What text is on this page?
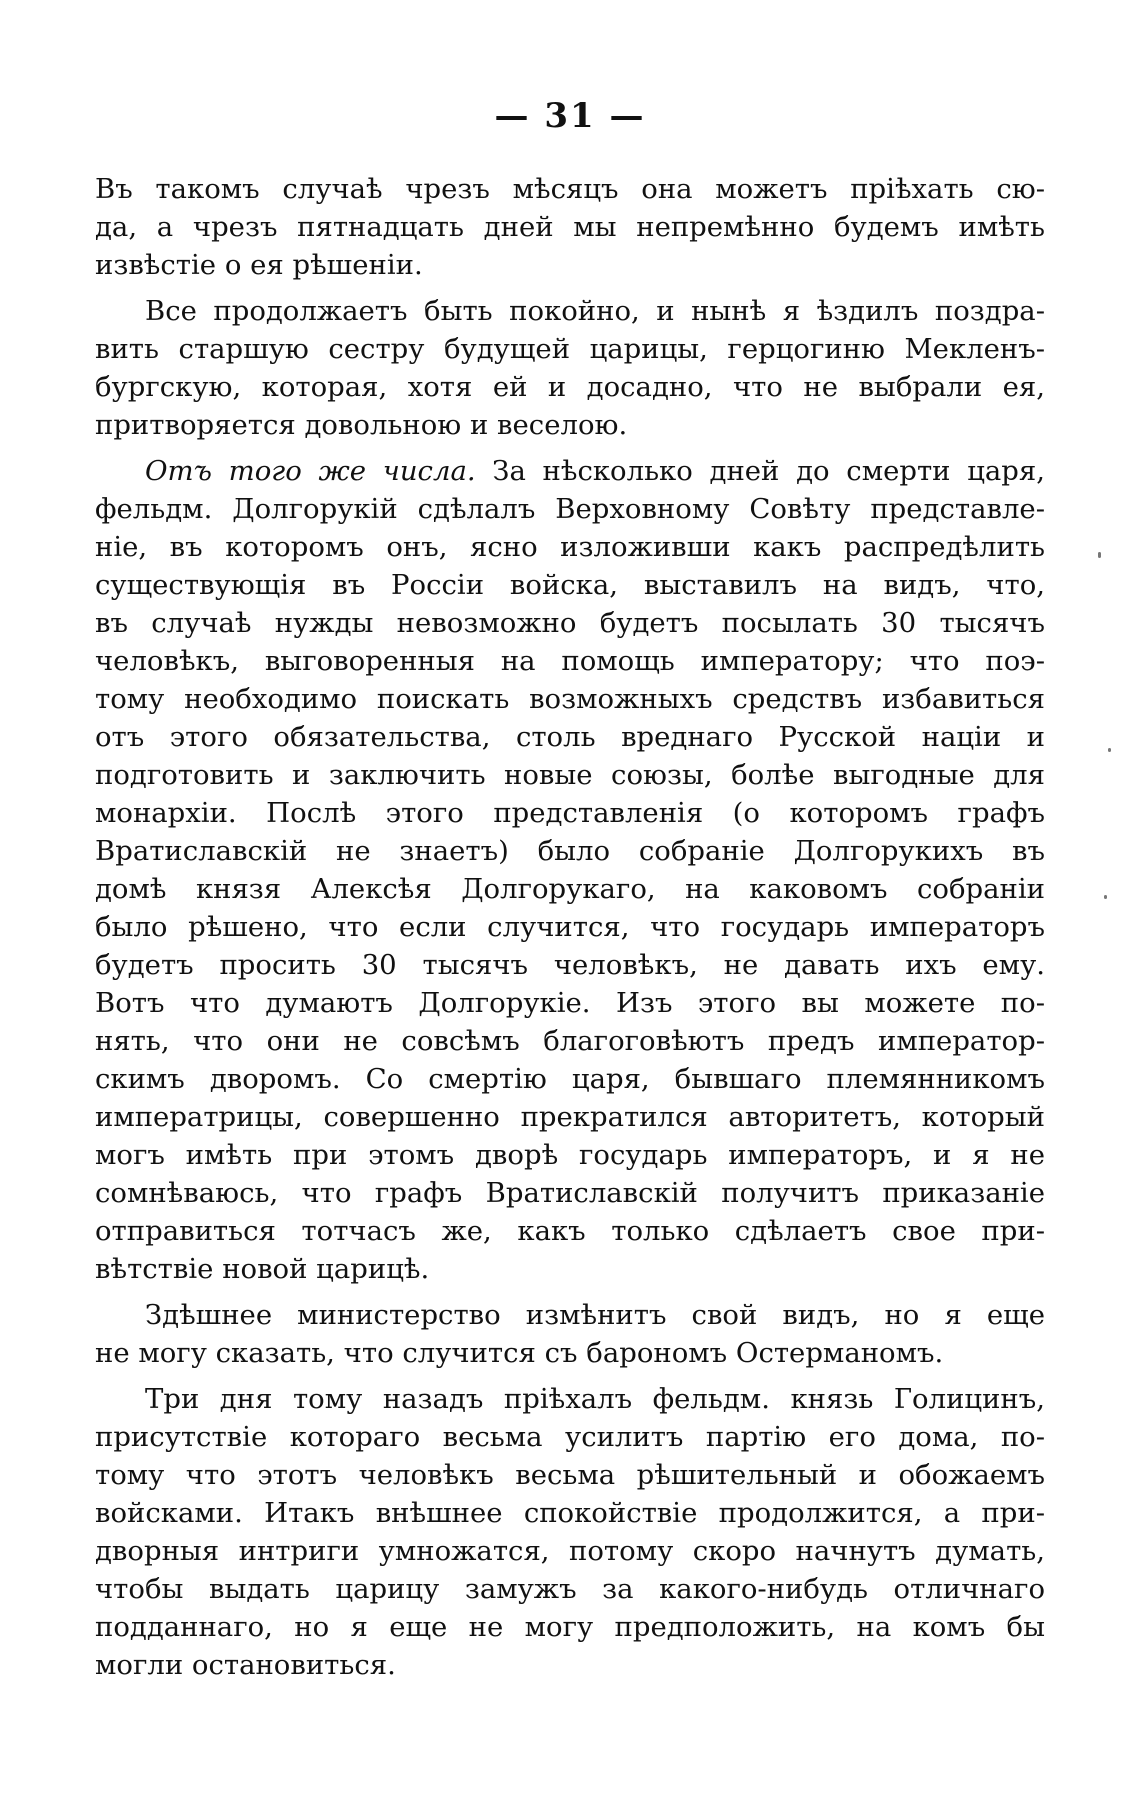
— 31 —
Въ такомъ случаѣ чрезъ мѣсяцъ она можетъ пріѣхать сю-
да, а чрезъ пятнадцать дней мы непремѣнно будемъ имѣть
извѣстіе о ея рѣшеніи.
Все продолжаетъ быть покойно, и нынѣ я ѣздилъ поздра-
вить старшую сестру будущей царицы, герцогиню Мекленъ-
бургскую, которая, хотя ей и досадно, что не выбрали ея,
притворяется довольною и веселою.
Отъ того же числа. За нѣсколько дней до смерти царя,
фельдм. Долгорукій сдѣлалъ Верховному Совѣту представле-
ніе, въ которомъ онъ, ясно изложивши какъ распредѣлить
существующія въ Россіи войска, выставилъ на видъ, что,
въ случаѣ нужды невозможно будетъ посылать 30 тысячъ
человѣкъ, выговоренныя на помощь императору; что поэ-
тому необходимо поискать возможныхъ средствъ избавиться
отъ этого обязательства, столь вреднаго Русской націи и
подготовить и заключить новые союзы, болѣе выгодные для
монархіи. Послѣ этого представленія (о которомъ графъ
Вратиславскій не знаетъ) было собраніе Долгорукихъ въ
домѣ князя Алексѣя Долгорукаго, на каковомъ собраніи
было рѣшено, что если случится, что государь императоръ
будетъ просить 30 тысячъ человѣкъ, не давать ихъ ему.
Вотъ что думаютъ Долгорукіе. Изъ этого вы можете по-
нять, что они не совсѣмъ благоговѣютъ предъ император-
скимъ дворомъ. Со смертію царя, бывшаго племянникомъ
императрицы, совершенно прекратился авторитетъ, который
могъ имѣть при этомъ дворѣ государь императоръ, и я не
сомнѣваюсь, что графъ Вратиславскій получитъ приказаніе
отправиться тотчасъ же, какъ только сдѣлаетъ свое при-
вѣтствіе новой царицѣ.
Здѣшнее министерство измѣнитъ свой видъ, но я еще
не могу сказать, что случится съ барономъ Остерманомъ.
Три дня тому назадъ пріѣхалъ фельдм. князь Голицинъ,
присутствіе котораго весьма усилитъ партію его дома, по-
тому что этотъ человѣкъ весьма рѣшительный и обожаемъ
войсками. Итакъ внѣшнее спокойствіе продолжится, а при-
дворныя интриги умножатся, потому скоро начнутъ думать,
чтобы выдать царицу замужъ за какого-нибудь отличнаго
подданнаго, но я еще не могу предположить, на комъ бы
могли остановиться.
